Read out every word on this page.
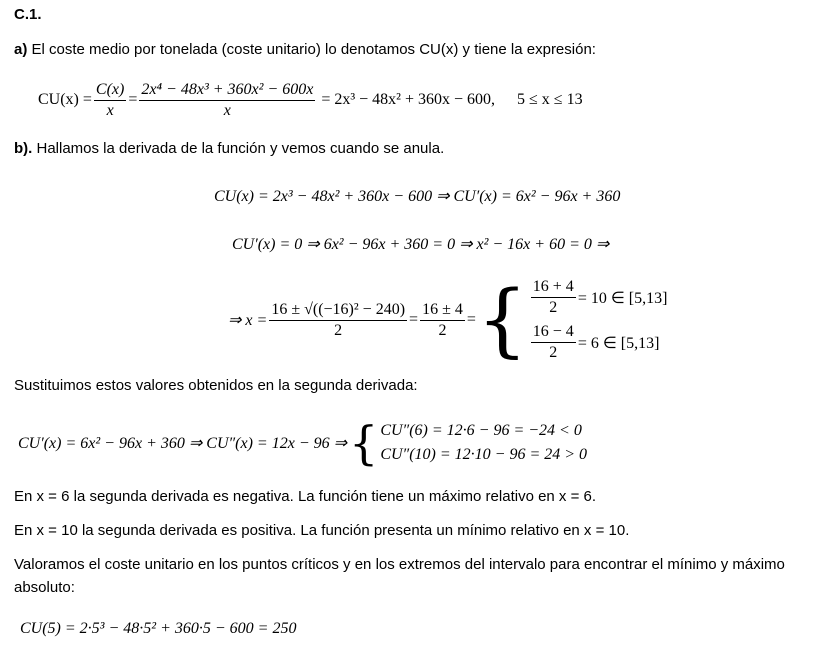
C.1.
a) El coste medio por tonelada (coste unitario) lo denotamos CU(x) y tiene la expresión:
$CU(x) = \frac{C(x)}{x} = \frac{\text{2x⁴ − 48x³ + 360x² − 600x}}{x} = 2x^3 - 48x^2 + 360x - 600$, 5 ≤ x ≤ 13
b). Hallamos la derivada de la función y vemos cuando se anula.
CU(x) = 2x³ − 48x² + 360x − 600 ⇒ CU′(x) = 6x² − 96x + 360
CU′(x) = 0 ⇒ 6x² − 96x + 360 = 0 ⇒ x² − 16x + 60 = 0 ⇒
⇒ $x = \frac{\text{16 ± √((−16)² − 240)}}{2} = \frac{16 \pm 4}{2}$ = { $\frac{16 + 4}{2} = 10$ ∈ [5,13]
$\frac{16 - 4}{2} = 6$ ∈ [5,13]
Sustituimos estos valores obtenidos en la segunda derivada:
CU′(x) = 6x² − 96x + 360 ⇒ CU″(x) = 12x − 96 ⇒ { CU″(6) = 12·6 − 96 = −24 < 0
CU″(10) = 12·10 − 96 = 24 > 0
En x = 6 la segunda derivada es negativa. La función tiene un máximo relativo en x = 6.
En x = 10 la segunda derivada es positiva. La función presenta un mínimo relativo en x = 10.
Valoramos el coste unitario en los puntos críticos y en los extremos del intervalo para encontrar el mínimo y máximo
absoluto:
CU(5) = 2·5³ − 48·5² + 360·5 − 600 = 250
